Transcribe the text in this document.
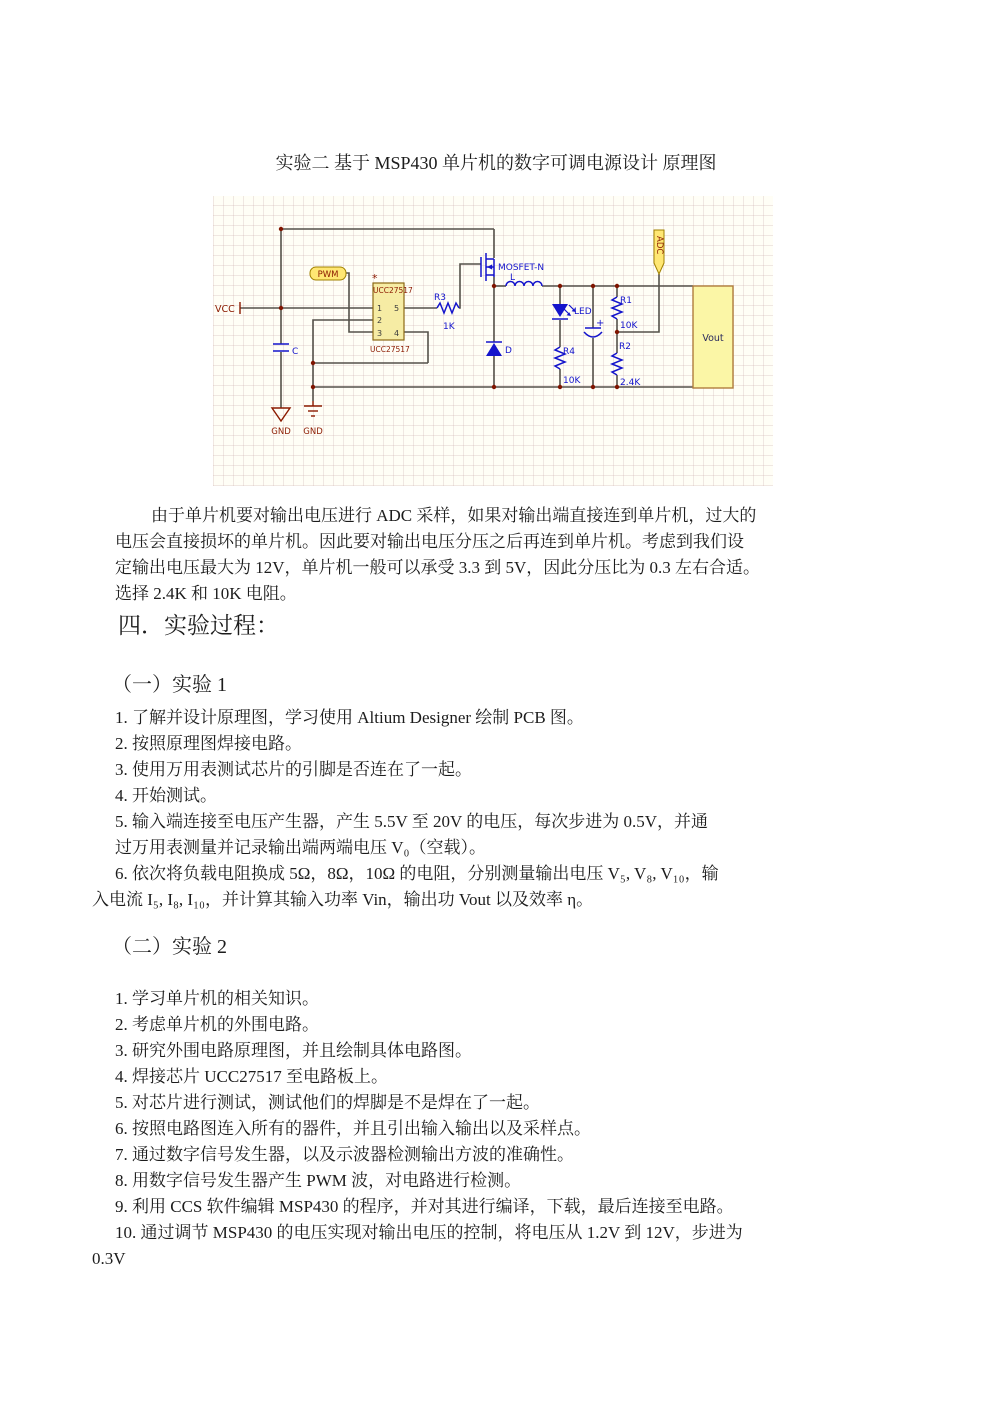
实验二 基于 MSP430 单片机的数字可调电源设计 原理图
PWM
ADC
*
UCC27517
UCC27517
1
2
3
5
4	Vout
R3
1K
MOSFET-N
L
D
LED
C
+
R4
10K
R1
10K
R2
2.4K
VCC
GND GND
由于单片机要对输出电压进行 ADC 采样，如果对输出端直接连到单片机，过大的
电压会直接损坏的单片机。因此要对输出电压分压之后再连到单片机。考虑到我们设
定输出电压最大为 12V，单片机一般可以承受 3.3 到 5V，因此分压比为 0.3 左右合适。
选择 2.4K 和 10K 电阻。
四．实验过程：
（一）实验 1
1. 了解并设计原理图，学习使用 Altium Designer 绘制 PCB 图。
2. 按照原理图焊接电路。
3. 使用万用表测试芯片的引脚是否连在了一起。
4. 开始测试。
5. 输入端连接至电压产生器，产生 5.5V 至 20V 的电压，每次步进为 0.5V，并通
过万用表测量并记录输出端两端电压 V₀（空载）。
6. 依次将负载电阻换成 5Ω，8Ω，10Ω 的电阻，分别测量输出电压 V₅, V₈, V₁₀，输
入电流 I₅, I₈, I₁₀，并计算其输入功率 Vin，输出功 Vout 以及效率 η。
（二）实验 2
1. 学习单片机的相关知识。
2. 考虑单片机的外围电路。
3. 研究外围电路原理图，并且绘制具体电路图。
4. 焊接芯片 UCC27517 至电路板上。
5. 对芯片进行测试，测试他们的焊脚是不是焊在了一起。
6. 按照电路图连入所有的器件，并且引出输入输出以及采样点。
7. 通过数字信号发生器，以及示波器检测输出方波的准确性。
8. 用数字信号发生器产生 PWM 波，对电路进行检测。
9. 利用 CCS 软件编辑 MSP430 的程序，并对其进行编译，下载，最后连接至电路。
10. 通过调节 MSP430 的电压实现对输出电压的控制，将电压从 1.2V 到 12V，步进为
0.3V
